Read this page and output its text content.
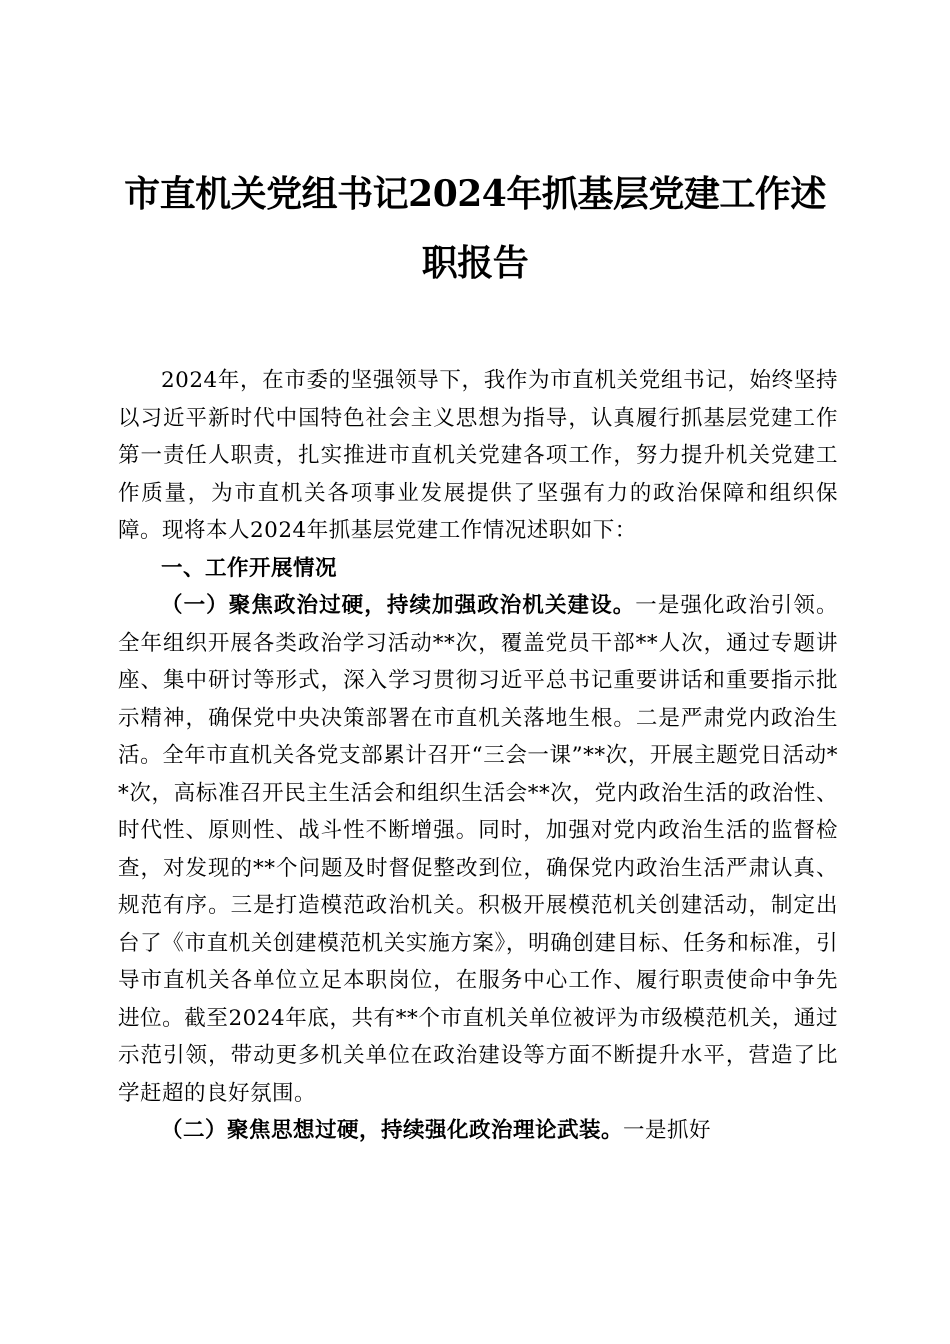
市直机关党组书记2024年抓基层党建工作述
职报告

2024年，在市委的坚强领导下，我作为市直机关党组书记，始终坚持以习近平新时代中国特色社会主义思想为指导，认真履行抓基层党建工作第一责任人职责，扎实推进市直机关党建各项工作，努力提升机关党建工作质量，为市直机关各项事业发展提供了坚强有力的政治保障和组织保障。现将本人2024年抓基层党建工作情况述职如下：

一、工作开展情况

（一）聚焦政治过硬，持续加强政治机关建设。一是强化政治引领。全年组织开展各类政治学习活动**次，覆盖党员干部**人次，通过专题讲座、集中研讨等形式，深入学习贯彻习近平总书记重要讲话和重要指示批示精神，确保党中央决策部署在市直机关落地生根。二是严肃党内政治生活。全年市直机关各党支部累计召开“三会一课”**次，开展主题党日活动**次，高标准召开民主生活会和组织生活会**次，党内政治生活的政治性、时代性、原则性、战斗性不断增强。同时，加强对党内政治生活的监督检查，对发现的**个问题及时督促整改到位，确保党内政治生活严肃认真、规范有序。三是打造模范政治机关。积极开展模范机关创建活动，制定出台了《市直机关创建模范机关实施方案》，明确创建目标、任务和标准，引导市直机关各单位立足本职岗位，在服务中心工作、履行职责使命中争先进位。截至2024年底，共有**个市直机关单位被评为市级模范机关，通过示范引领，带动更多机关单位在政治建设等方面不断提升水平，营造了比学赶超的良好氛围。

（二）聚焦思想过硬，持续强化政治理论武装。一是抓好
